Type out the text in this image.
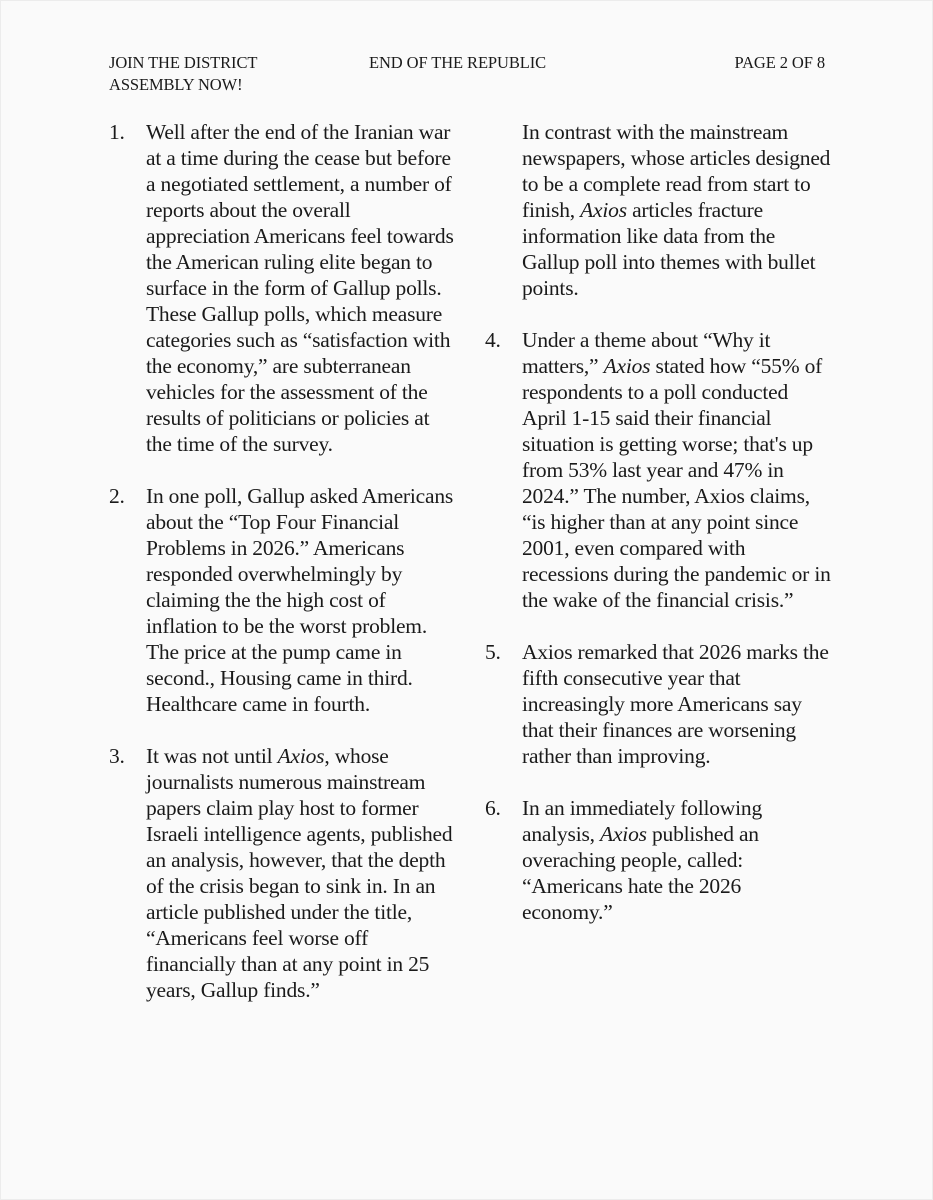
JOIN THE DISTRICT ASSEMBLY NOW!
END OF THE REPUBLIC	PAGE 2 OF 8
1. Well after the end of the Iranian war at a time during the cease but before a negotiated settlement, a number of reports about the overall appreciation Americans feel towards the American ruling elite began to surface in the form of Gallup polls. These Gallup polls, which measure categories such as “satisfaction with the economy,” are subterranean vehicles for the assessment of the results of politicians or policies at the time of the survey.
2. In one poll, Gallup asked Americans about the “Top Four Financial Problems in 2026.” Americans responded overwhelmingly by claiming the the high cost of inflation to be the worst problem. The price at the pump came in second., Housing came in third. Healthcare came in fourth.
3. It was not until Axios, whose journalists numerous mainstream papers claim play host to former Israeli intelligence agents, published an analysis, however, that the depth of the crisis began to sink in. In an article published under the title, “Americans feel worse off financially than at any point in 25 years, Gallup finds.”
In contrast with the mainstream newspapers, whose articles designed to be a complete read from start to finish, Axios articles fracture information like data from the Gallup poll into themes with bullet points.
4. Under a theme about “Why it matters,” Axios stated how “55% of respondents to a poll conducted April 1-15 said their financial situation is getting worse; that's up from 53% last year and 47% in 2024.” The number, Axios claims, “is higher than at any point since 2001, even compared with recessions during the pandemic or in the wake of the financial crisis.”
5. Axios remarked that 2026 marks the fifth consecutive year that increasingly more Americans say that their finances are worsening rather than improving.
6. In an immediately following analysis, Axios published an overaching people, called: “Americans hate the 2026 economy.”
